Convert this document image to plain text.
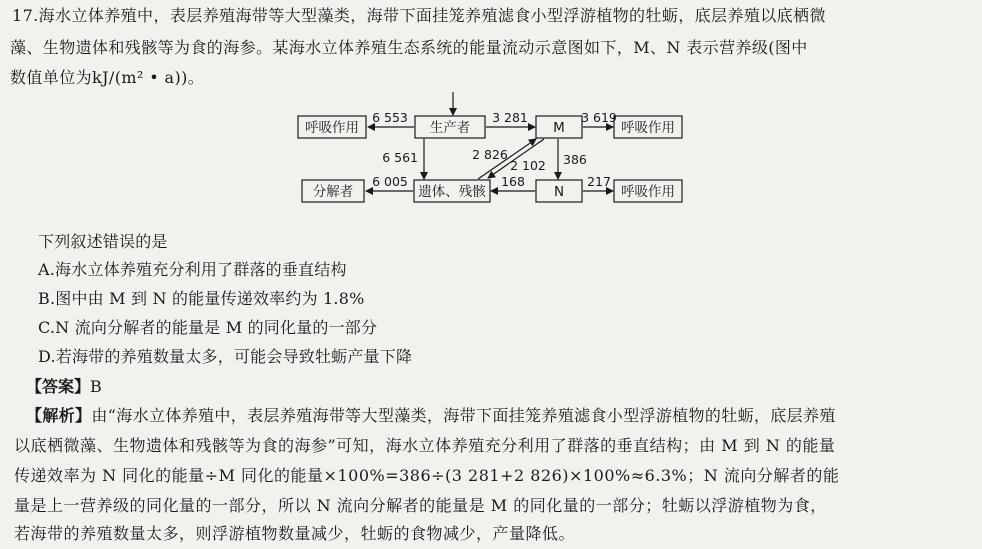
17.海水立体养殖中，表层养殖海带等大型藻类，海带下面挂笼养殖滤食小型浮游植物的牡蛎，底层养殖以底栖微
藻、生物遗体和残骸等为食的海参。某海水立体养殖生态系统的能量流动示意图如下，M、N 表示营养级(图中
数值单位为kJ/(m² • a))。
呼吸作用	生产者	M	呼吸作用
分解者	遗体、残骸	N	呼吸作用
6 553	3 281	3 619
6 561	2 826
2 102 386
6 005	168	217
下列叙述错误的是
A.海水立体养殖充分利用了群落的垂直结构
B.图中由 M 到 N 的能量传递效率约为 1.8%
C.N 流向分解者的能量是 M 的同化量的一部分
D.若海带的养殖数量太多，可能会导致牡蛎产量下降
【答案】B
【解析】由“海水立体养殖中，表层养殖海带等大型藻类，海带下面挂笼养殖滤食小型浮游植物的牡蛎，底层养殖
以底栖微藻、生物遗体和残骸等为食的海参”可知，海水立体养殖充分利用了群落的垂直结构；由 M 到 N 的能量
传递效率为 N 同化的能量÷M 同化的能量×100%=386÷(3 281+2 826)×100%≈6.3%；N 流向分解者的能
量是上一营养级的同化量的一部分，所以 N 流向分解者的能量是 M 的同化量的一部分；牡蛎以浮游植物为食，
若海带的养殖数量太多，则浮游植物数量减少，牡蛎的食物减少，产量降低。
